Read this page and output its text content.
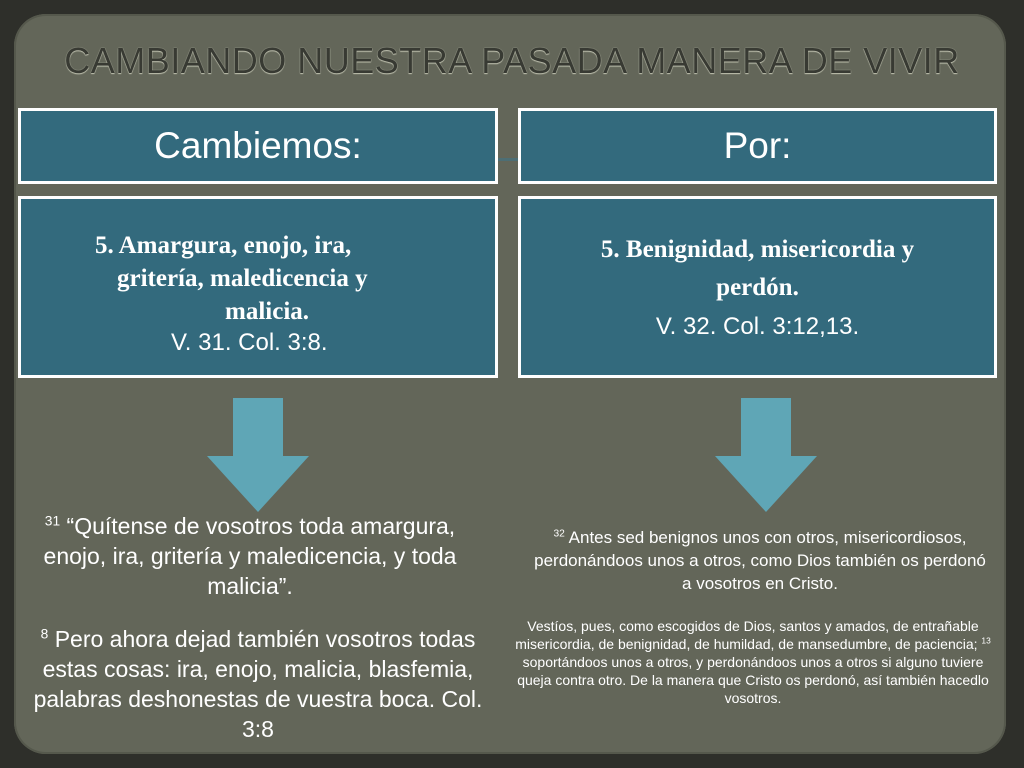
CAMBIANDO NUESTRA PASADA MANERA DE VIVIR
Cambiemos:	Por:
5. Amargura, enojo, ira,
gritería, maledicencia y
malicia.
V. 31. Col. 3:8.
5. Benignidad, misericordia y
perdón.
V. 32. Col. 3:12,13.
$^{31}$ “Quítense de vosotros toda amargura, enojo, ira, gritería y maledicencia, y toda malicia”.
$^8$ Pero ahora dejad también vosotros todas estas cosas: ira, enojo, malicia, blasfemia, palabras deshonestas de vuestra boca. Col. 3:8
$^{32}$ Antes sed benignos unos con otros, misericordiosos, perdonándoos unos a otros, como Dios también os perdonó a vosotros en Cristo.
Vestíos, pues, como escogidos de Dios, santos y amados, de entrañable misericordia, de benignidad, de humildad, de mansedumbre, de paciencia; $^{13}$ soportándoos unos a otros, y perdonándoos unos a otros si alguno tuviere queja contra otro. De la manera que Cristo os perdonó, así también hacedlo vosotros.
